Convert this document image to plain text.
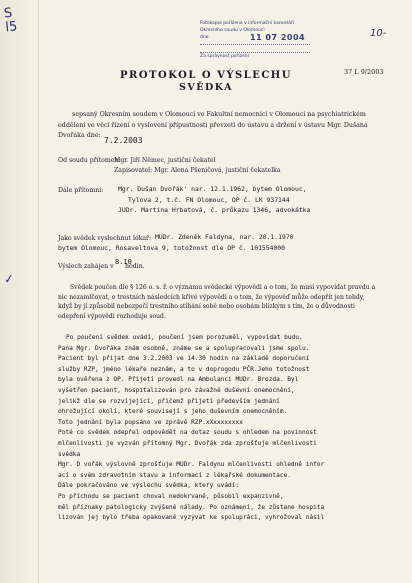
S
l5
✓
10-
Fotokopie pořízena v informační kanceláři
Okresního soudu v Olomouci
dne	11 07 2004
Za správnost pořízení
37 L 9/2003
PROTOKOL O VÝSLECHU
SVĚDKA
sepsaný Okresním soudem v Olomouci ve Fakultní nemocnici v Olomouci na psychiatrickém oddělení ve věci řízení o vyslovení přípustnosti převzetí do ústavu a držení v ústavu Mgr. Dušana Dvořáka dne:
7.2.2003
Od soudu přítomen:
Mgr. Jiří Němec, justiční čekatel
Zapisovatel: Mgr. Alena Pšeničová, justiční čekatelka
Dále přítomni: Mgr. Dušan Dvořák' nar. 12.1.1962, bytem Olomouc,
Tylova 2, t.č. FN Olomouc, OP č. LK 937144
JUDr. Martina Hrbatová, č. průkazu 1346, advokátka
Jako svědek vyslechnut lékař: MUDr. Zdeněk Faldyna, nar. 20.1.1970
bytem Olomouc, Rosaveltova 9, totožnost dle OP č. 101554000
Výslech zahájen v
8.10
hodin.
Svědek poučen dle § 126 o. s. ř. o významu svědecké výpovědi a o tom, že musí vypovídat pravdu a
nic nezamlčovat, o trestních následcích křivé výpovědi a o tom, že výpověď může odepřít jen tehdy,
když by jí způsobil nebezpečí trestního stíhání sobě nebo osobám blízkým s tím, že o důvodnosti
odepření výpovědi rozhoduje soud.
Po poučení svědek uvádí, poučení jsem porozuměl, vypovídat budu.
Pana Mgr. Dvořáka znám osobně, známe se a spolupracovali jsme spolu.
Pacient byl přijat dne 3.2.2003 ve 14.30 hodin na základě doporučení
služby RZP, jméno lékaře neznám, a to v doprogodu PČR.Jeho totožnost
byla ověřena z OP. Přijetí provedl na Ambulanci MUDr. Brozda. Byl
vyšetřen pacient, hospitalizován pro závažné duševní onemocnění,
jelikž dle se rozvíjející, přičemž přijetí především jednání
ohrožující okolí, které souvisejí s jeho duševním onemocněním.
Toto jednání byla popsáno ve zprávě RZP.xXxxxxxxxx
Poté co svědek odepřel odpovědět na dotaz soudu s ohledem na povinnost
mlčenlivosti je vyzván přítomný Mgr. Dvořák zda zprošťuje mlčenlivosti
svědka
Mgr. D vořák výslovně zprošťuje MUDr. Faldynu mlčenlivosti ohledně infor
ací o svém zdravotním stavu a informací z lékařské dokumentace.
Dále pokračováno ve výslechu svědka, který uvádí:
Po příchodu se pacient choval nedokrvaně, působil expanzivně,
měl příznaky patologicky zvýšené nálady. Po oznámení, že zůstane hospita
lizován jej bylo třeba opakovaně vyzývat ke spolupráci, vyhrožoval násil
